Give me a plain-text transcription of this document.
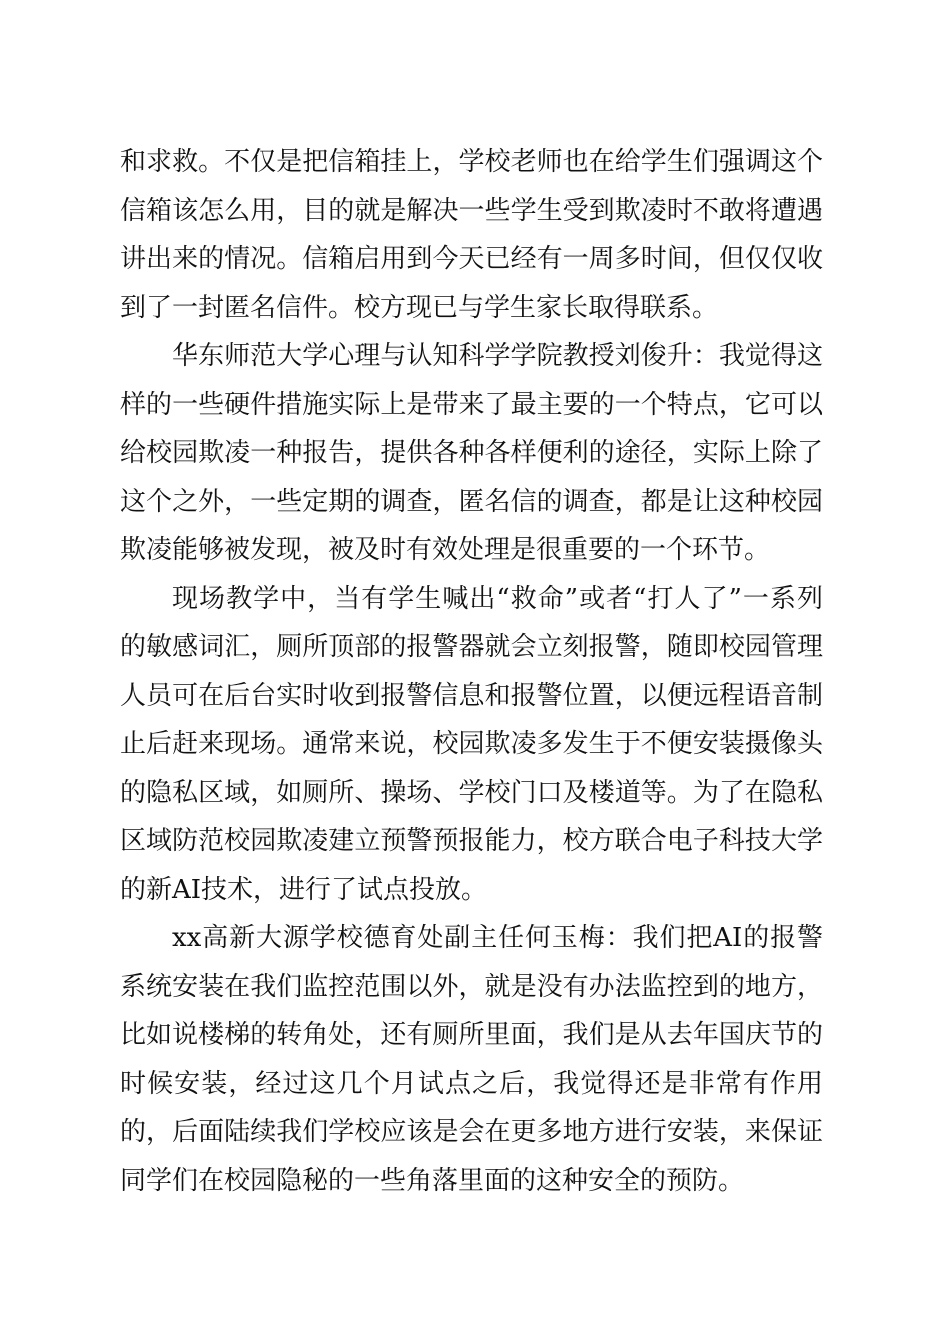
和求救。不仅是把信箱挂上，学校老师也在给学生们强调这个信箱该怎么用，目的就是解决一些学生受到欺凌时不敢将遭遇讲出来的情况。信箱启用到今天已经有一周多时间，但仅仅收到了一封匿名信件。校方现已与学生家长取得联系。

华东师范大学心理与认知科学学院教授刘俊升：我觉得这样的一些硬件措施实际上是带来了最主要的一个特点，它可以给校园欺凌一种报告，提供各种各样便利的途径，实际上除了这个之外，一些定期的调查，匿名信的调查，都是让这种校园欺凌能够被发现，被及时有效处理是很重要的一个环节。

现场教学中，当有学生喊出“救命”或者“打人了”一系列的敏感词汇，厕所顶部的报警器就会立刻报警，随即校园管理人员可在后台实时收到报警信息和报警位置，以便远程语音制止后赶来现场。通常来说，校园欺凌多发生于不便安装摄像头的隐私区域，如厕所、操场、学校门口及楼道等。为了在隐私区域防范校园欺凌建立预警预报能力，校方联合电子科技大学的新AI技术，进行了试点投放。

xx高新大源学校德育处副主任何玉梅：我们把AI的报警系统安装在我们监控范围以外，就是没有办法监控到的地方，比如说楼梯的转角处，还有厕所里面，我们是从去年国庆节的时候安装，经过这几个月试点之后，我觉得还是非常有作用的，后面陆续我们学校应该是会在更多地方进行安装，来保证同学们在校园隐秘的一些角落里面的这种安全的预防。
